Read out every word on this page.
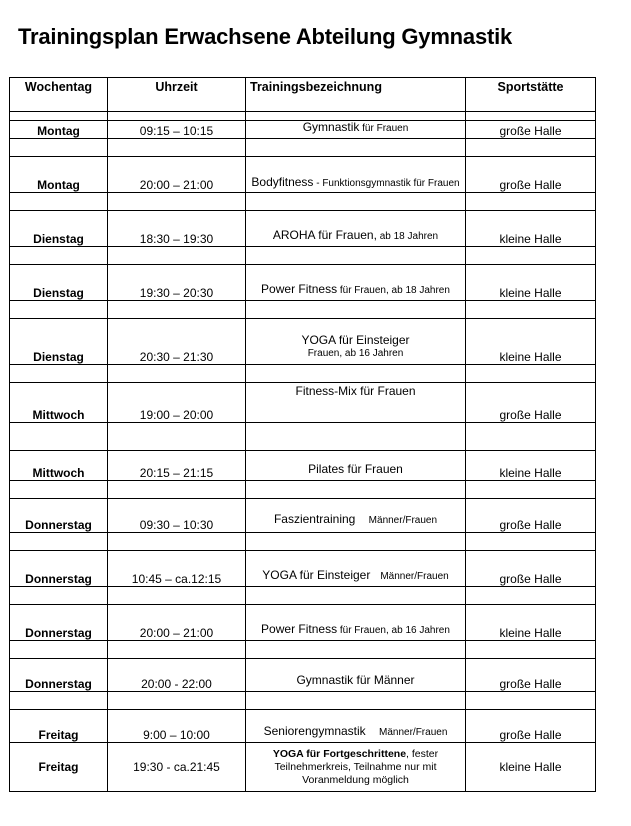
Trainingsplan Erwachsene Abteilung Gymnastik
Wochentag	Uhrzeit	Trainingsbezeichnung	Sportstätte

Montag	09:15 – 10:15	Gymnastik für Frauen	große Halle

Montag	20:00 – 21:00	Bodyfitness - Funktionsgymnastik für Frauen	große Halle

Dienstag	18:30 – 19:30	AROHA für Frauen, ab 18 Jahren	kleine Halle

Dienstag	19:30 – 20:30	Power Fitness für Frauen, ab 18 Jahren	kleine Halle

Dienstag	20:30 – 21:30	YOGA für Einsteiger
Frauen, ab 16 Jahren	kleine Halle

Mittwoch	19:00 – 20:00	Fitness-Mix für Frauen	große Halle

Mittwoch	20:15 – 21:15	Pilates für Frauen	kleine Halle

Donnerstag	09:30 – 10:30	Faszientraining Männer/Frauen	große Halle

Donnerstag	10:45 – ca.12:15	YOGA für Einsteiger Männer/Frauen	große Halle

Donnerstag	20:00 – 21:00	Power Fitness für Frauen, ab 16 Jahren	kleine Halle

Donnerstag	20:00 - 22:00	Gymnastik für Männer	große Halle

Freitag	9:00 – 10:00	Seniorengymnastik Männer/Frauen	große Halle
Freitag	19:30 - ca.21:45	YOGA für Fortgeschrittene, fester Teilnehmerkreis, Teilnahme nur mit Voranmeldung möglich	kleine Halle
